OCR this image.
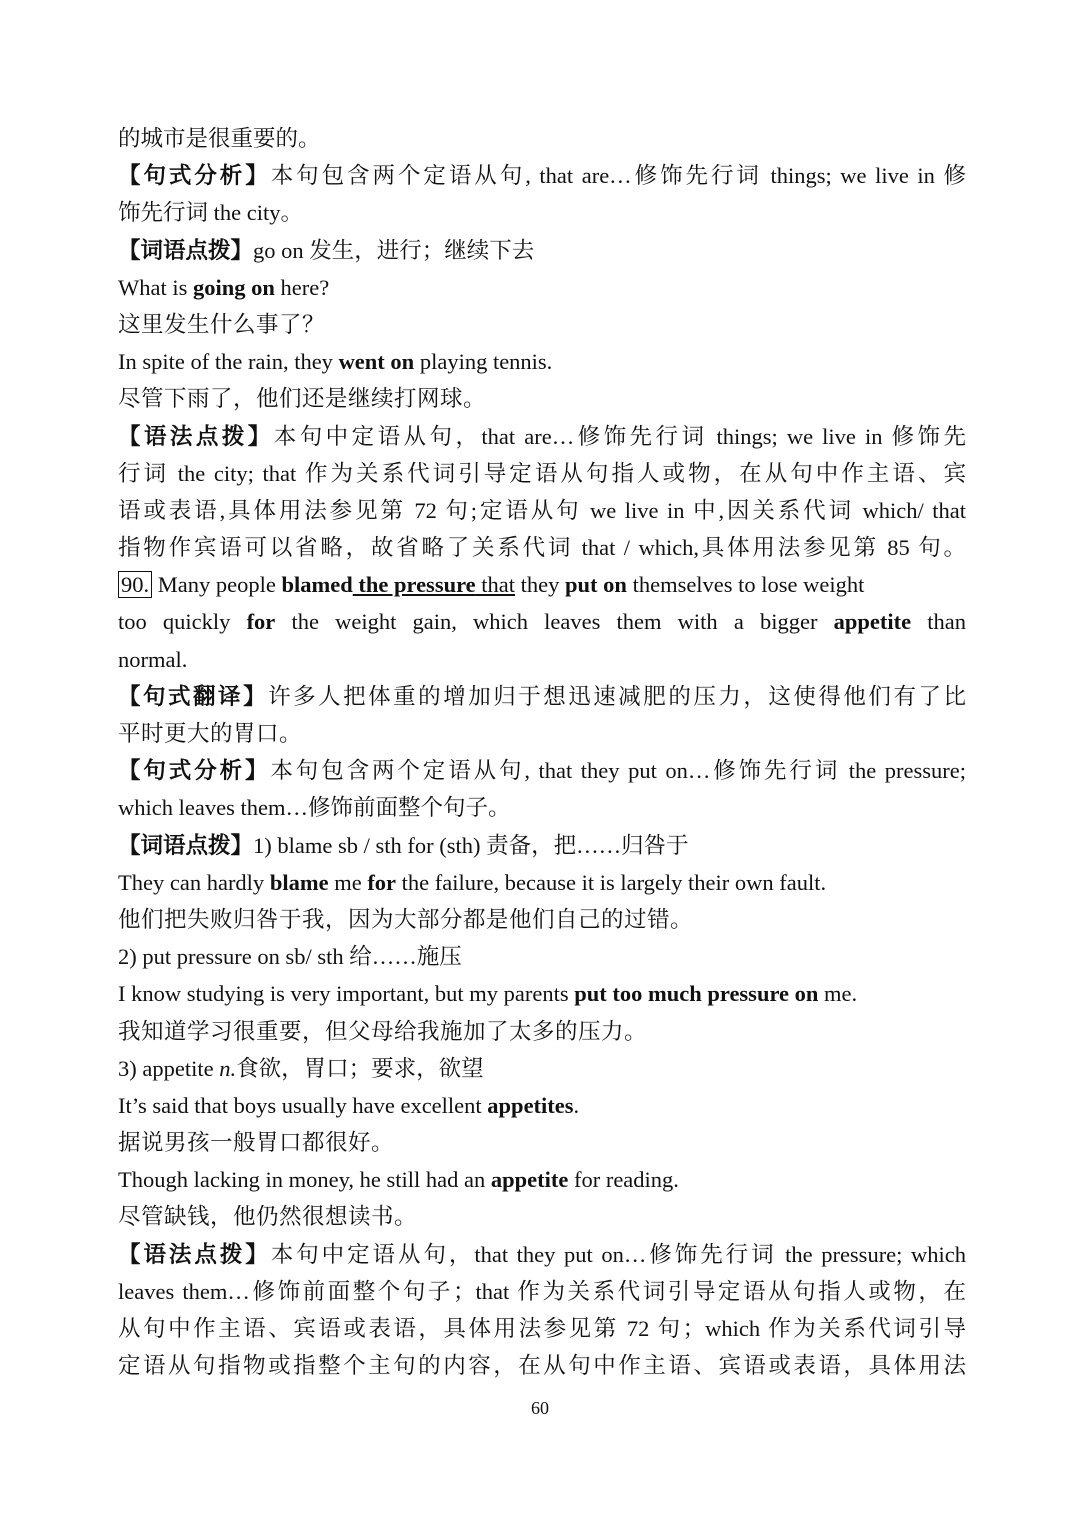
的城市是很重要的。
【句式分析】本句包含两个定语从句, that are…修饰先行词 things; we live in 修
饰先行词 the city。
【词语点拨】go on 发生，进行；继续下去
What is going on here?
这里发生什么事了？
In spite of the rain, they went on playing tennis.
尽管下雨了，他们还是继续打网球。
【语法点拨】本句中定语从句，that are…修饰先行词 things; we live in 修饰先
行词 the city; that 作为关系代词引导定语从句指人或物，在从句中作主语、宾
语或表语,具体用法参见第 72 句;定语从句 we live in 中,因关系代词 which/ that
指物作宾语可以省略，故省略了关系代词 that / which,具体用法参见第 85 句。
90. Many people blamed the pressure that they put on themselves to lose weight
too quickly for the weight gain, which leaves them with a bigger appetite than
normal.
【句式翻译】许多人把体重的增加归于想迅速减肥的压力，这使得他们有了比
平时更大的胃口。
【句式分析】本句包含两个定语从句, that they put on…修饰先行词 the pressure;
which leaves them…修饰前面整个句子。
【词语点拨】1) blame sb / sth for (sth) 责备，把……归咎于
They can hardly blame me for the failure, because it is largely their own fault.
他们把失败归咎于我，因为大部分都是他们自己的过错。
2) put pressure on sb/ sth 给……施压
I know studying is very important, but my parents put too much pressure on me.
我知道学习很重要，但父母给我施加了太多的压力。
3) appetite n.食欲，胃口；要求，欲望
It’s said that boys usually have excellent appetites.
据说男孩一般胃口都很好。
Though lacking in money, he still had an appetite for reading.
尽管缺钱，他仍然很想读书。
【语法点拨】本句中定语从句，that they put on…修饰先行词 the pressure; which
leaves them…修饰前面整个句子；that 作为关系代词引导定语从句指人或物，在
从句中作主语、宾语或表语，具体用法参见第 72 句；which 作为关系代词引导
定语从句指物或指整个主句的内容，在从句中作主语、宾语或表语，具体用法
60
